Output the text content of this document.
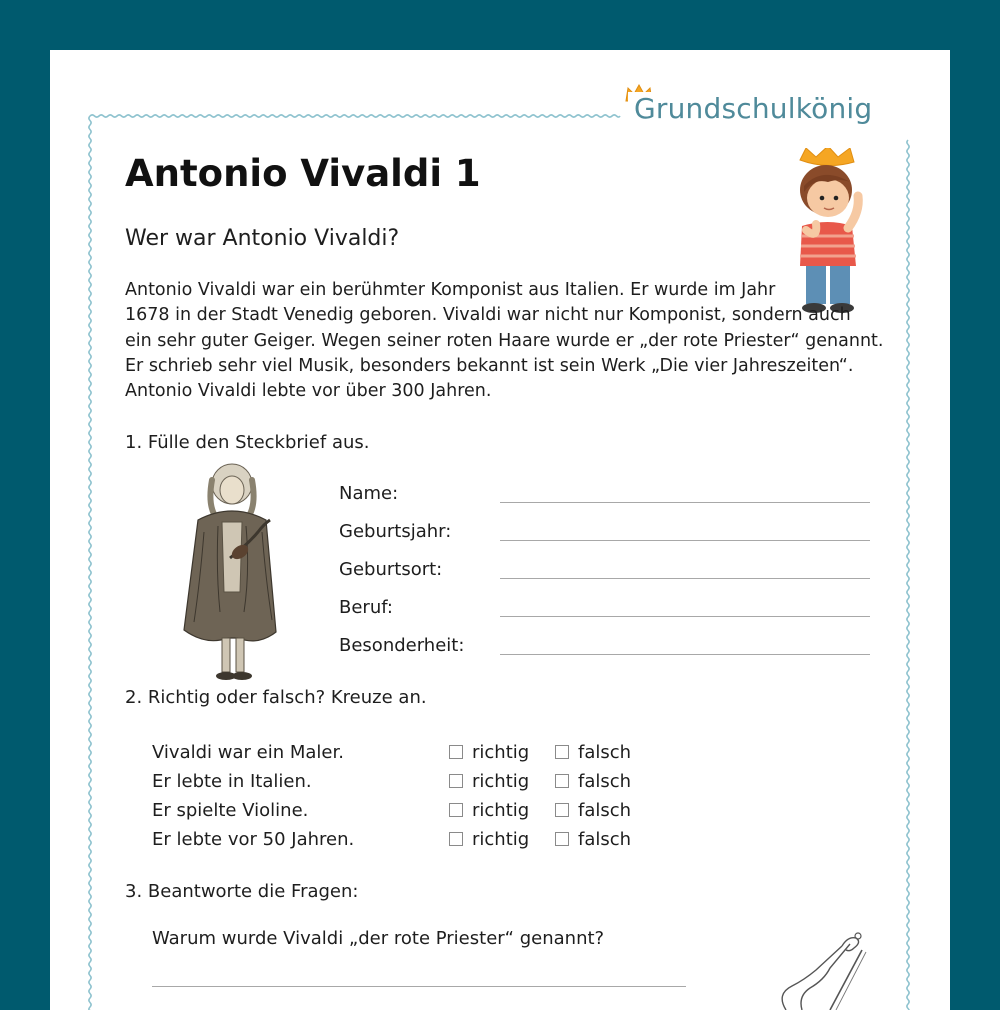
Grundschulkönig
Antonio Vivaldi 1
Wer war Antonio Vivaldi?
Antonio Vivaldi war ein berühmter Komponist aus Italien. Er wurde im Jahr
1678 in der Stadt Venedig geboren. Vivaldi war nicht nur Komponist, sondern auch
ein sehr guter Geiger. Wegen seiner roten Haare wurde er „der rote Priester“ genannt.
Er schrieb sehr viel Musik, besonders bekannt ist sein Werk „Die vier Jahreszeiten“.
Antonio Vivaldi lebte vor über 300 Jahren.
1. Fülle den Steckbrief aus.
Name:
Geburtsjahr:
Geburtsort:
Beruf:
Besonderheit:
2. Richtig oder falsch? Kreuze an.
Vivaldi war ein Maler.	richtig	falsch
Er lebte in Italien.	richtig	falsch
Er spielte Violine.	richtig	falsch
Er lebte vor 50 Jahren.	richtig	falsch
3. Beantworte die Fragen:
Warum wurde Vivaldi „der rote Priester“ genannt?
